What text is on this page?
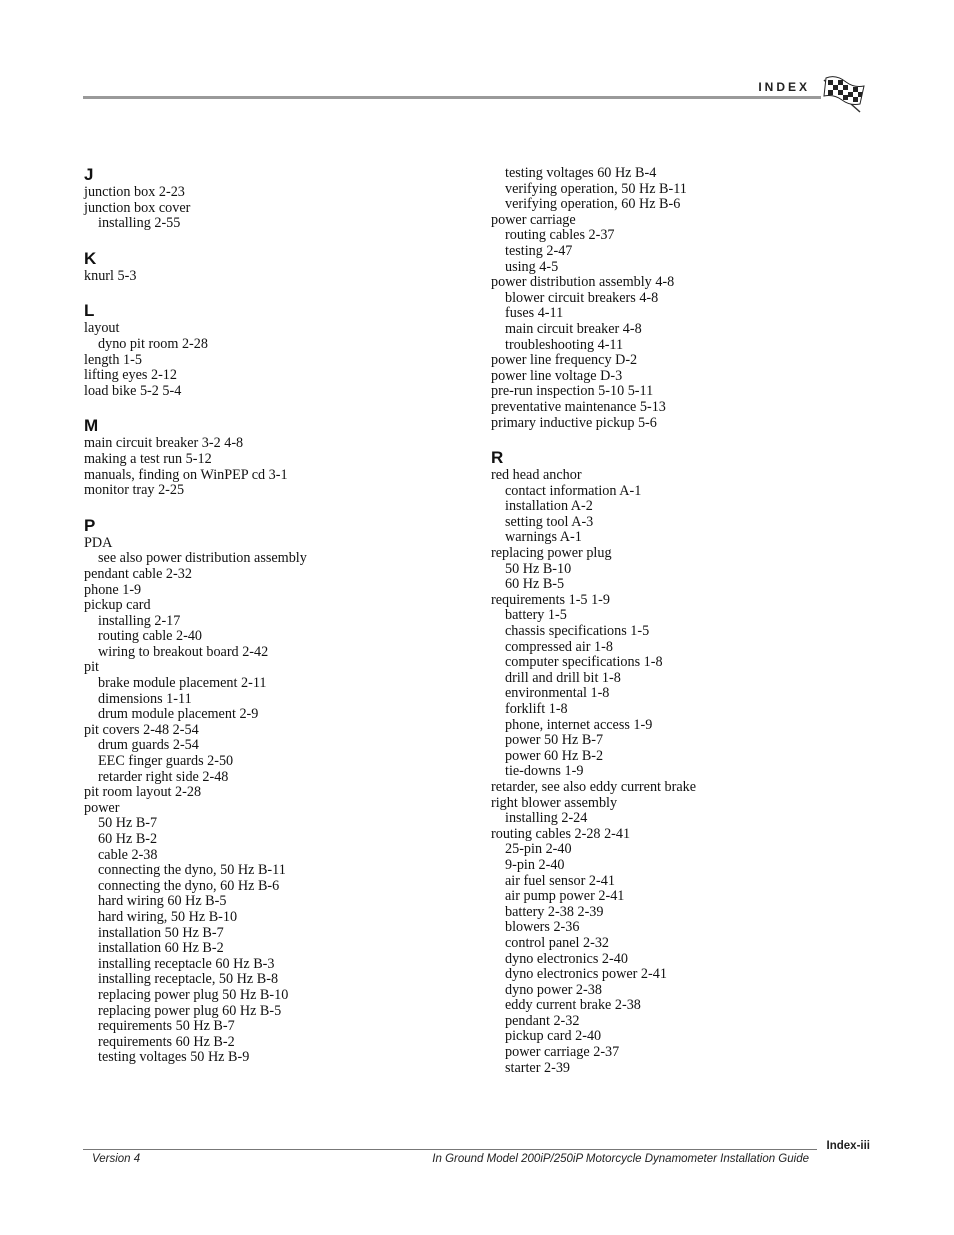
INDEX
J
junction box 2-23
junction box cover
installing 2-55
K
knurl 5-3
L
layout
dyno pit room 2-28
length 1-5
lifting eyes 2-12
load bike 5-2 5-4
M
main circuit breaker 3-2 4-8
making a test run 5-12
manuals, finding on WinPEP cd 3-1
monitor tray 2-25
P
PDA
see also power distribution assembly
pendant cable 2-32
phone 1-9
pickup card
installing 2-17
routing cable 2-40
wiring to breakout board 2-42
pit
brake module placement 2-11
dimensions 1-11
drum module placement 2-9
pit covers 2-48 2-54
drum guards 2-54
EEC finger guards 2-50
retarder right side 2-48
pit room layout 2-28
power
50 Hz B-7
60 Hz B-2
cable 2-38
connecting the dyno, 50 Hz B-11
connecting the dyno, 60 Hz B-6
hard wiring 60 Hz B-5
hard wiring, 50 Hz B-10
installation 50 Hz B-7
installation 60 Hz B-2
installing receptacle 60 Hz B-3
installing receptacle, 50 Hz B-8
replacing power plug 50 Hz B-10
replacing power plug 60 Hz B-5
requirements 50 Hz B-7
requirements 60 Hz B-2
testing voltages 50 Hz B-9
testing voltages 60 Hz B-4
verifying operation, 50 Hz B-11
verifying operation, 60 Hz B-6
power carriage
routing cables 2-37
testing 2-47
using 4-5
power distribution assembly 4-8
blower circuit breakers 4-8
fuses 4-11
main circuit breaker 4-8
troubleshooting 4-11
power line frequency D-2
power line voltage D-3
pre-run inspection 5-10 5-11
preventative maintenance 5-13
primary inductive pickup 5-6
R
red head anchor
contact information A-1
installation A-2
setting tool A-3
warnings A-1
replacing power plug
50 Hz B-10
60 Hz B-5
requirements 1-5 1-9
battery 1-5
chassis specifications 1-5
compressed air 1-8
computer specifications 1-8
drill and drill bit 1-8
environmental 1-8
forklift 1-8
phone, internet access 1-9
power 50 Hz B-7
power 60 Hz B-2
tie-downs 1-9
retarder, see also eddy current brake
right blower assembly
installing 2-24
routing cables 2-28 2-41
25-pin 2-40
9-pin 2-40
air fuel sensor 2-41
air pump power 2-41
battery 2-38 2-39
blowers 2-36
control panel 2-32
dyno electronics 2-40
dyno electronics power 2-41
dyno power 2-38
eddy current brake 2-38
pendant 2-32
pickup card 2-40
power carriage 2-37
starter 2-39
Index-iii
Version 4	In Ground Model 200iP/250iP Motorcycle Dynamometer Installation Guide
